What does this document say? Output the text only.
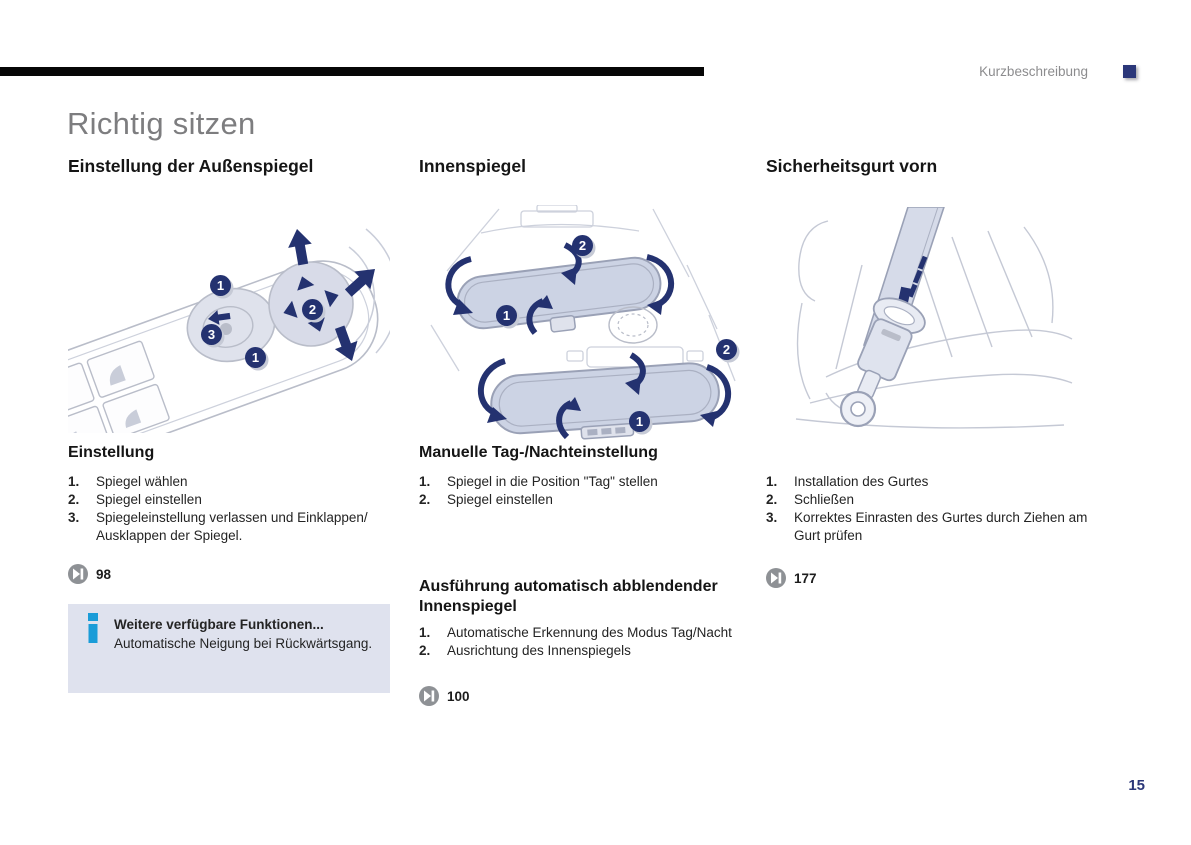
Kurzbeschreibung
Richtig sitzen
Einstellung der Außenspiegel	Innenspiegel	Sicherheitsgurt vorn
1
2
3
1
2
1
2
1
Einstellung
1.	Spiegel wählen
2.	Spiegel einstellen
3.	Spiegeleinstellung verlassen und Einklappen/ Ausklappen der Spiegel.
98
Weitere verfügbare Funktionen...
Automatische Neigung bei Rückwärtsgang.
Manuelle Tag-/Nachteinstellung
1.	Spiegel in die Position "Tag" stellen
2.	Spiegel einstellen
Ausführung automatisch abblendender Innenspiegel
1.	Automatische Erkennung des Modus Tag/Nacht
2.	Ausrichtung des Innenspiegels
100
1.	Installation des Gurtes
2.	Schließen
3.	Korrektes Einrasten des Gurtes durch Ziehen am Gurt prüfen
177
15
